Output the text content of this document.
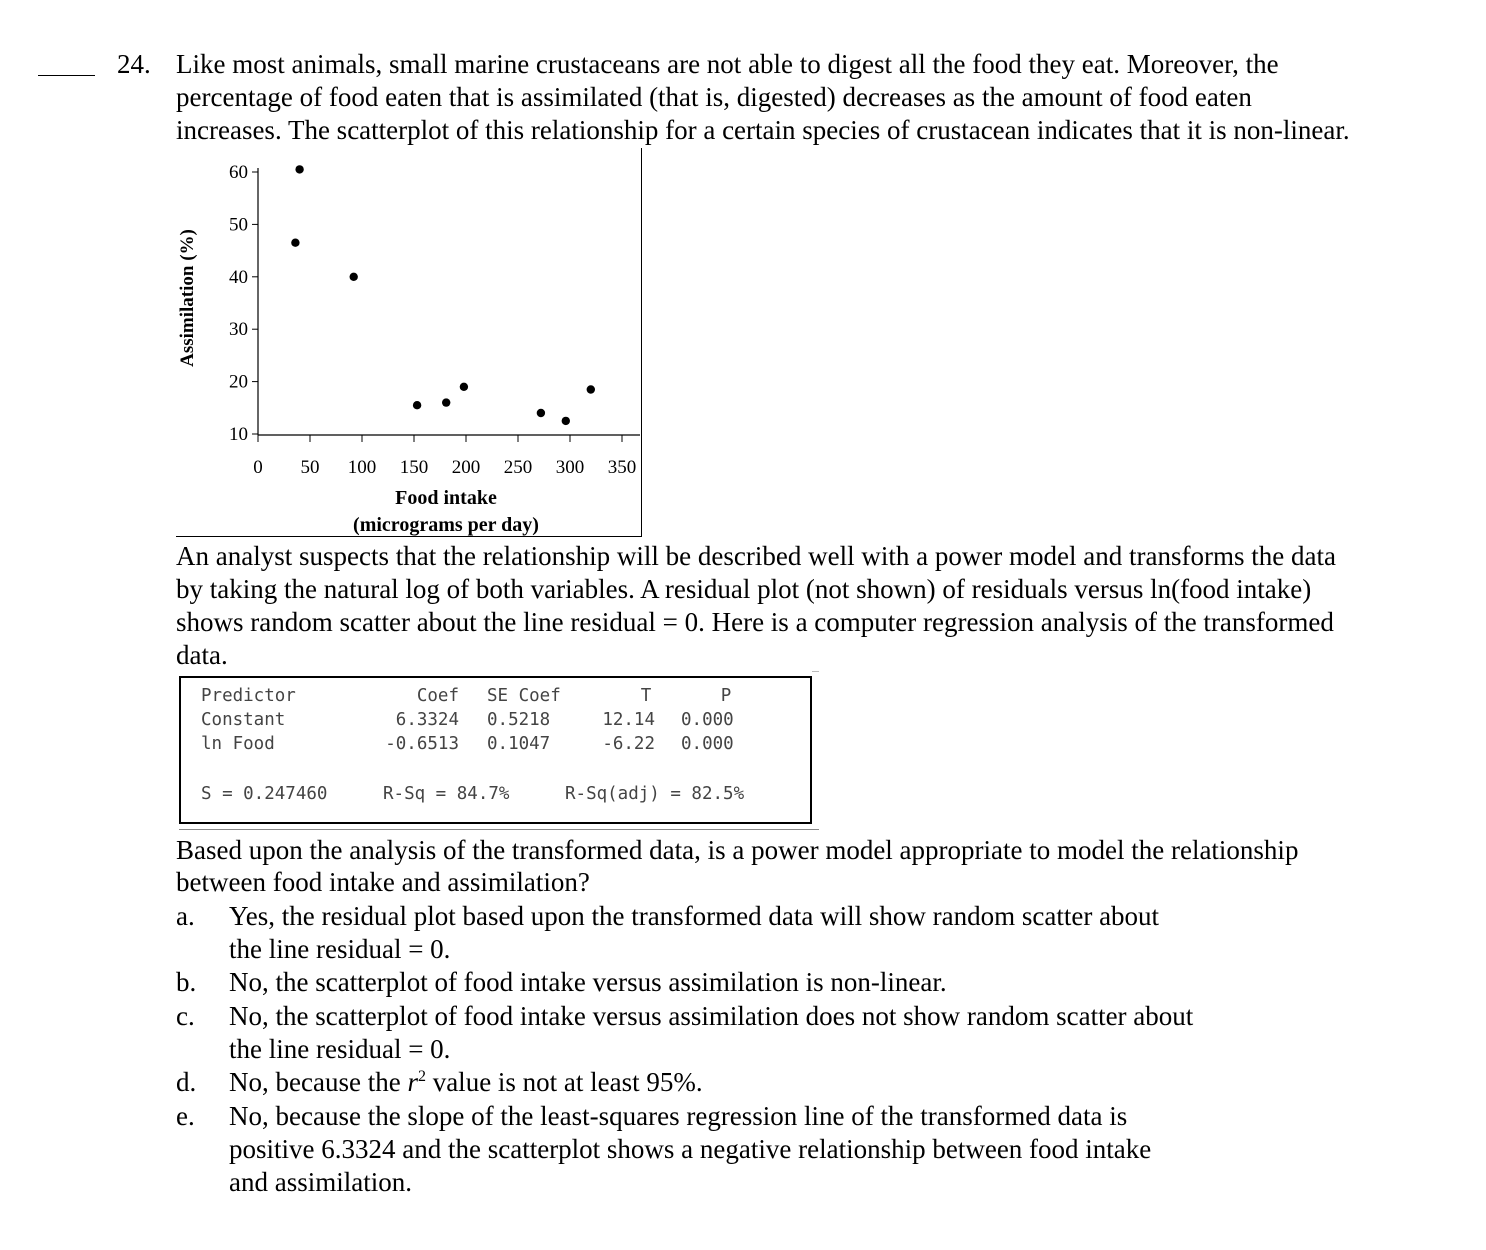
24. Like most animals, small marine crustaceans are not able to digest all the food they eat. Moreover, the
percentage of food eaten that is assimilated (that is, digested) decreases as the amount of food eaten
increases. The scatterplot of this relationship for a certain species of crustacean indicates that it is non-linear.
10
20
30
40
50
60
0 50 100 150 200 250 300 350
Food intake
(micrograms per day)
Assimilation (%)
An analyst suspects that the relationship will be described well with a power model and transforms the data
by taking the natural log of both variables. A residual plot (not shown) of residuals versus ln(food intake)
shows random scatter about the line residual = 0. Here is a computer regression analysis of the transformed
data.
Predictor	Coef SE Coef	T	P
Constant	6.3324 0.5218	12.14 0.000
ln Food	-0.6513 0.1047	-6.22 0.000
S = 0.247460	R-Sq = 84.7%	R-Sq(adj) = 82.5%
Based upon the analysis of the transformed data, is a power model appropriate to model the relationship
between food intake and assimilation?
a. Yes, the residual plot based upon the transformed data will show random scatter about
the line residual = 0.
b. No, the scatterplot of food intake versus assimilation is non-linear.
c. No, the scatterplot of food intake versus assimilation does not show random scatter about
the line residual = 0.
d. No, because the $r^2$ value is not at least 95%.
e. No, because the slope of the least-squares regression line of the transformed data is
positive 6.3324 and the scatterplot shows a negative relationship between food intake
and assimilation.
